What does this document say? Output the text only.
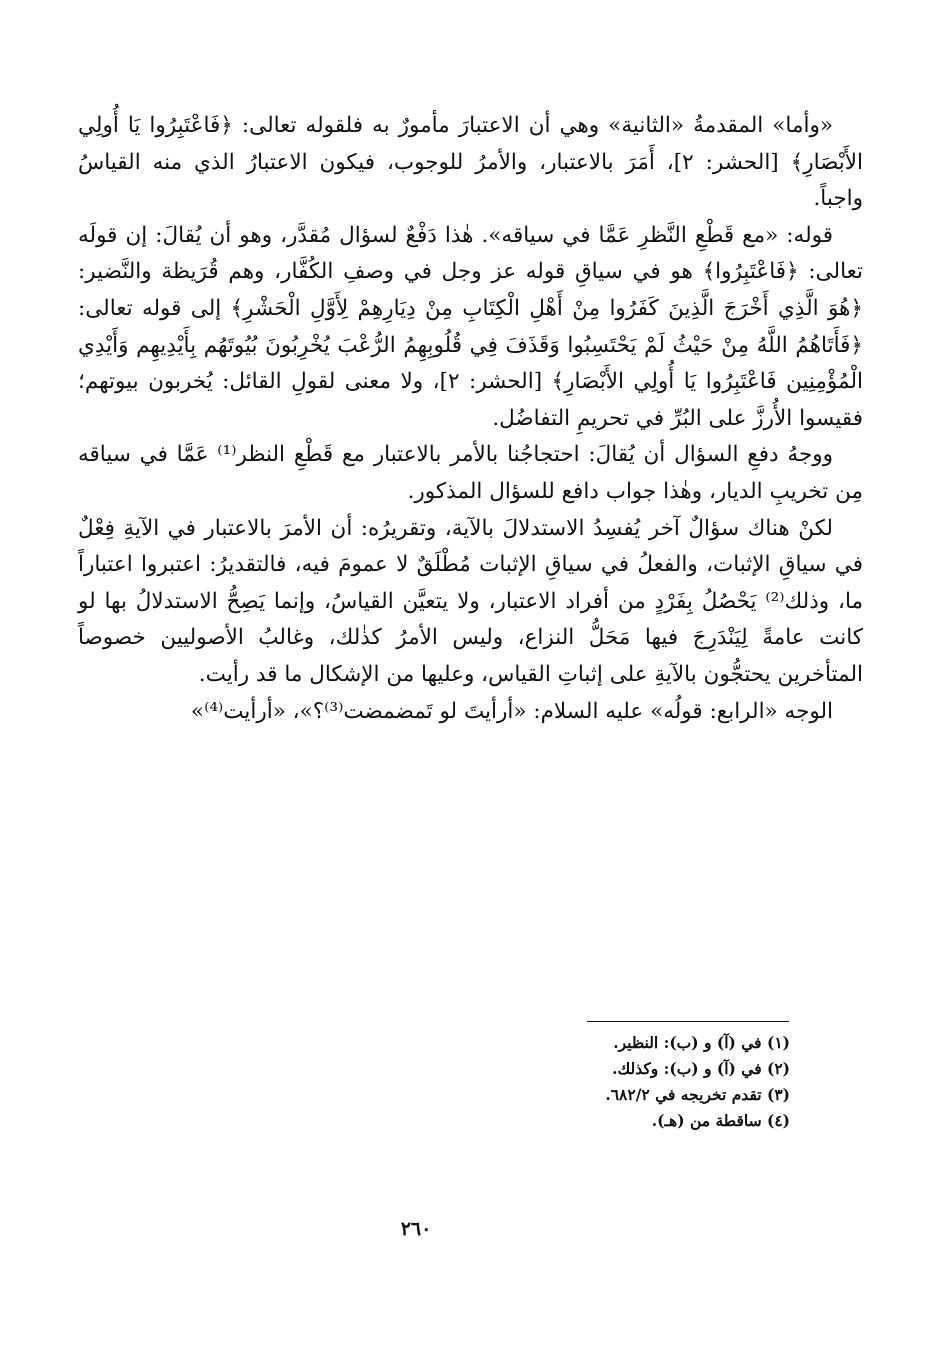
«وأما» المقدمةُ «الثانية» وهي أن الاعتبارَ مأمورٌ به فلقوله تعالى: ﴿فَاعْتَبِرُوا يَا أُولِي الأَبْصَارِ﴾ [الحشر: ٢]، أَمَرَ بالاعتبار، والأمرُ للوجوب، فيكون الاعتبارُ الذي منه القياسُ واجباً.

قوله: «مع قَطْعِ النَّظرِ عَمَّا في سياقه». هٰذا دَفْعٌ لسؤال مُقدَّر، وهو أن يُقالَ: إن قولَه تعالى: ﴿فَاعْتَبِرُوا﴾ هو في سياقِ قوله عز وجل في وصفِ الكُفَّار، وهم قُرَيظة والنَّضير: ﴿هُوَ الَّذِي أَخْرَجَ الَّذِينَ كَفَرُوا مِنْ أَهْلِ الْكِتَابِ مِنْ دِيَارِهِمْ لِأَوَّلِ الْحَشْرِ﴾ إلى قوله تعالى: ﴿فَأَتَاهُمُ اللَّهُ مِنْ حَيْثُ لَمْ يَحْتَسِبُوا وَقَذَفَ فِي قُلُوبِهِمُ الرُّعْبَ يُخْرِبُونَ بُيُوتَهُم بِأَيْدِيهِم وَأَيْدِي الْمُؤْمِنِين فَاعْتَبِرُوا يَا أُولِي الأَبْصَارِ﴾ [الحشر: ٢]، ولا معنى لقولِ القائل: يُخربون بيوتهم؛ فقيسوا الأُرزَّ على البُرِّ في تحريمِ التفاضُل.

ووجهُ دفعِ السؤال أن يُقالَ: احتجاجُنا بالأمر بالاعتبار مع قَطْعِ النظر⁽¹⁾ عَمَّا في سياقه مِن تخريبِ الديار، وهٰذا جواب دافع للسؤال المذكور.

لكنْ هناك سؤالٌ آخر يُفسِدُ الاستدلالَ بالآية، وتقريرُه: أن الأمرَ بالاعتبار في الآيةِ فِعْلٌ في سياقِ الإثبات، والفعلُ في سياقِ الإثبات مُطْلَقٌ لا عمومَ فيه، فالتقديرُ: اعتبروا اعتباراً ما، وذلك⁽²⁾ يَحْصُلُ بِفَرْدٍ من أفراد الاعتبار، ولا يتعيَّن القياسُ، وإنما يَصِحُّ الاستدلالُ بها لو كانت عامةً لِيَنْدَرِجَ فيها مَحَلُّ النزاع، وليس الأمرُ كذٰلك، وغالبُ الأصوليين خصوصاً المتأخرين يحتجُّون بالآيةِ على إثباتِ القياس، وعليها من الإشكال ما قد رأيت.

الوجه «الرابع: قولُه» عليه السلام: «أرأيتَ لو تَمضمضت⁽³⁾؟»، «أرأيت⁽⁴⁾»

(١) في (آ) و (ب): النظير.

(٢) في (آ) و (ب): وكذلك.

(٣) تقدم تخريجه في ٦٨٢/٢.

(٤) ساقطة من (هـ).

٢٦٠
